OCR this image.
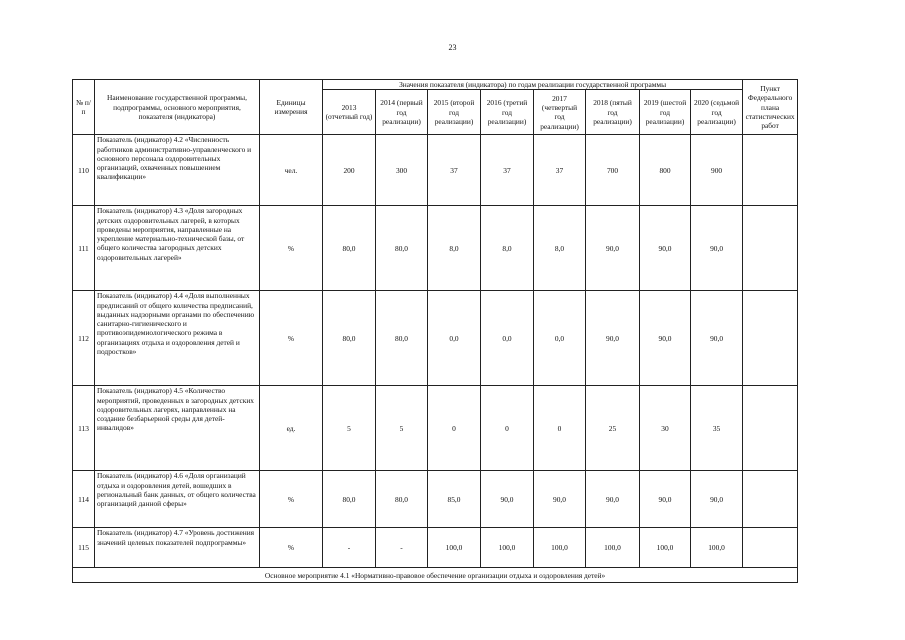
23
№ п/п	Наименование государственной программы, подпрограммы, основного мероприятия, показателя (индикатора)	Единицы измерения	Значения показателя (индикатора) по годам реализации государственной программы								Пункт Федерального плана статистических работ
			2013 (отчетный год)	2014 (первый год реализации)	2015 (второй год реализации)	2016 (третий год реализации)	2017 (четвертый год реализации)	2018 (пятый год реализации)	2019 (шестой год реализации)	2020 (седьмой год реализации)	
110	Показатель (индикатор) 4.2 «Численность работников административно-управленческого и основного персонала оздоровительных организаций, охваченных повышением квалификации»	чел.	200	300	37	37	37	700	800	900	
111	Показатель (индикатор) 4.3 «Доля загородных детских оздоровительных лагерей, в которых проведены мероприятия, направленные на укрепление материально-технической базы, от общего количества загородных детских оздоровительных лагерей»	%	80,0	80,0	8,0	8,0	8,0	90,0	90,0	90,0	
112	Показатель (индикатор) 4.4 «Доля выполненных предписаний от общего количества предписаний, выданных надзорными органами по обеспечению санитарно-гигиенического и противоэпидемиологического режима в организациях отдыха и оздоровления детей и подростков»	%	80,0	80,0	0,0	0,0	0,0	90,0	90,0	90,0	
113	Показатель (индикатор) 4.5 «Количество мероприятий, проведенных в загородных детских оздоровительных лагерях, направленных на создание безбарьерной среды для детей-инвалидов»	ед.	5	5	0	0	0	25	30	35	
114	Показатель (индикатор) 4.6 «Доля организаций отдыха и оздоровления детей, вошедших в региональный банк данных, от общего количества организаций данной сферы»	%	80,0	80,0	85,0	90,0	90,0	90,0	90,0	90,0	
115	Показатель (индикатор) 4.7 «Уровень достижения значений целевых показателей подпрограммы»	%	-	-	100,0	100,0	100,0	100,0	100,0	100,0	
Основное мероприятие 4.1 «Нормативно-правовое обеспечение организации отдыха и оздоровления детей»											
